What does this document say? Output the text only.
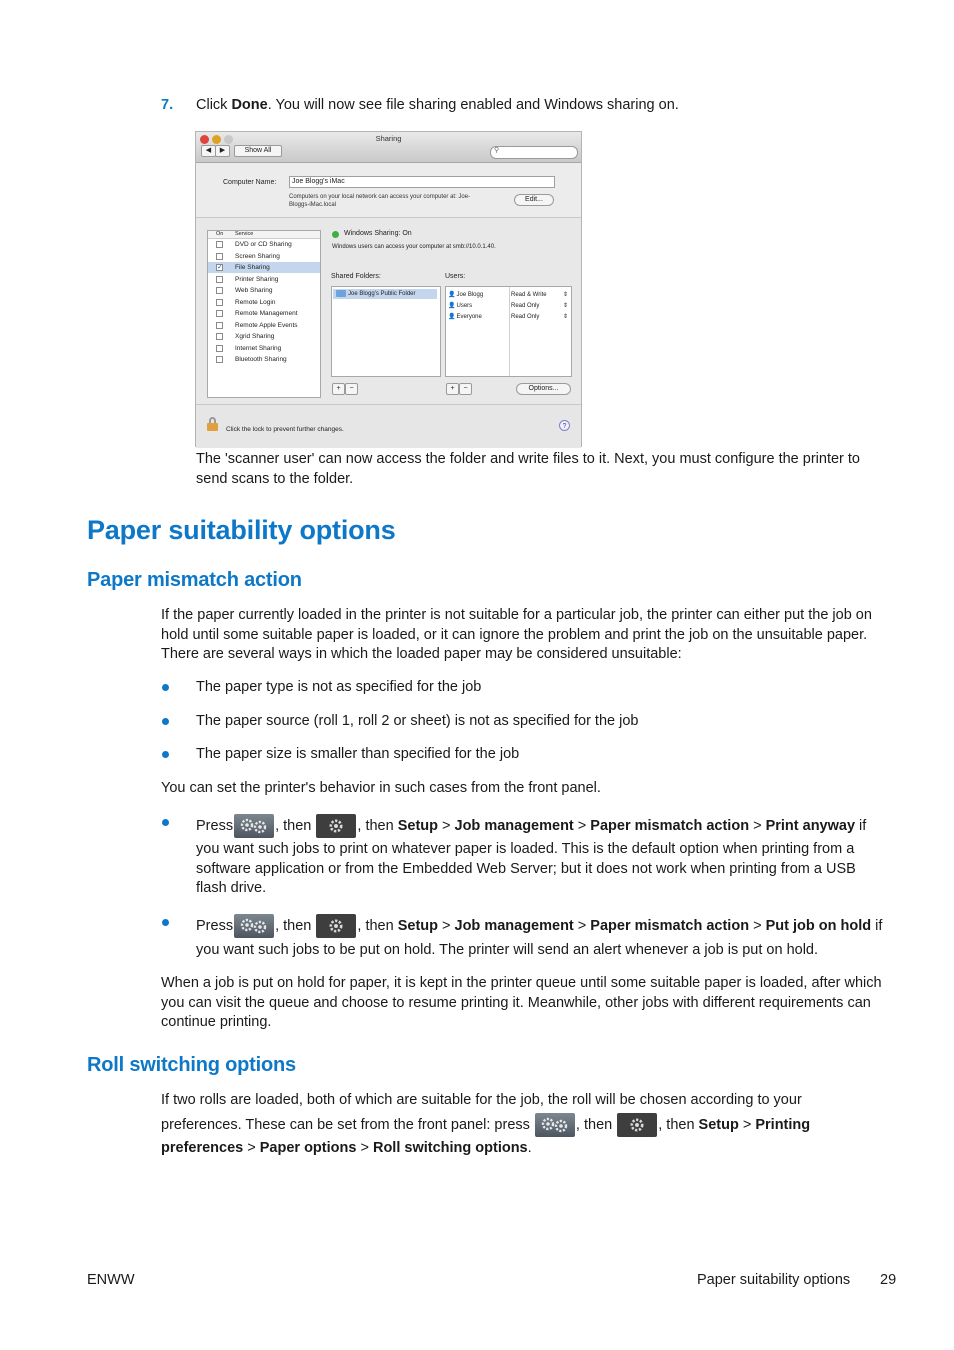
7. Click Done. You will now see file sharing enabled and Windows sharing on.
Sharing
◀	▶	Show All	⚲
Computer Name:	Joe Blogg's iMac
Computers on your local network can access your computer at: Joe-
Bloggs-iMac.local
Edit...
On Service
DVD or CD Sharing
Screen Sharing
✓ File Sharing
Printer Sharing
Web Sharing
Remote Login
Remote Management
Remote Apple Events
Xgrid Sharing
Internet Sharing
Bluetooth Sharing
Windows Sharing: On
Windows users can access your computer at smb://10.0.1.40.
Shared Folders:	Users:
Joe Blogg's Public Folder	👤Joe Blogg	Read & Write	⇕
👤Users	Read Only	⇕
👤Everyone	Read Only	⇕
+	−	+	−	Options...
Click the lock to prevent further changes.	?
The 'scanner user' can now access the folder and write files to it. Next, you must configure the printer to send scans to the folder.
Paper suitability options
Paper mismatch action
If the paper currently loaded in the printer is not suitable for a particular job, the printer can either put the job on hold until some suitable paper is loaded, or it can ignore the problem and print the job on the unsuitable paper. There are several ways in which the loaded paper may be considered unsuitable:
The paper type is not as specified for the job
The paper source (roll 1, roll 2 or sheet) is not as specified for the job
The paper size is smaller than specified for the job
You can set the printer's behavior in such cases from the front panel.
Press	, then	, then Setup > Job management > Paper mismatch action > Print anyway if
you want such jobs to print on whatever paper is loaded. This is the default option when printing from a software application or from the Embedded Web Server; but it does not work when printing from a USB flash drive.
Press	, then	, then Setup > Job management > Paper mismatch action > Put job on hold if
you want such jobs to be put on hold. The printer will send an alert whenever a job is put on hold.
When a job is put on hold for paper, it is kept in the printer queue until some suitable paper is loaded, after which you can visit the queue and choose to resume printing it. Meanwhile, other jobs with different requirements can continue printing.
Roll switching options
If two rolls are loaded, both of which are suitable for the job, the roll will be chosen according to your
preferences. These can be set from the front panel: press	, then	, then Setup > Printing
preferences > Paper options > Roll switching options.
ENWW	Paper suitability options 29
